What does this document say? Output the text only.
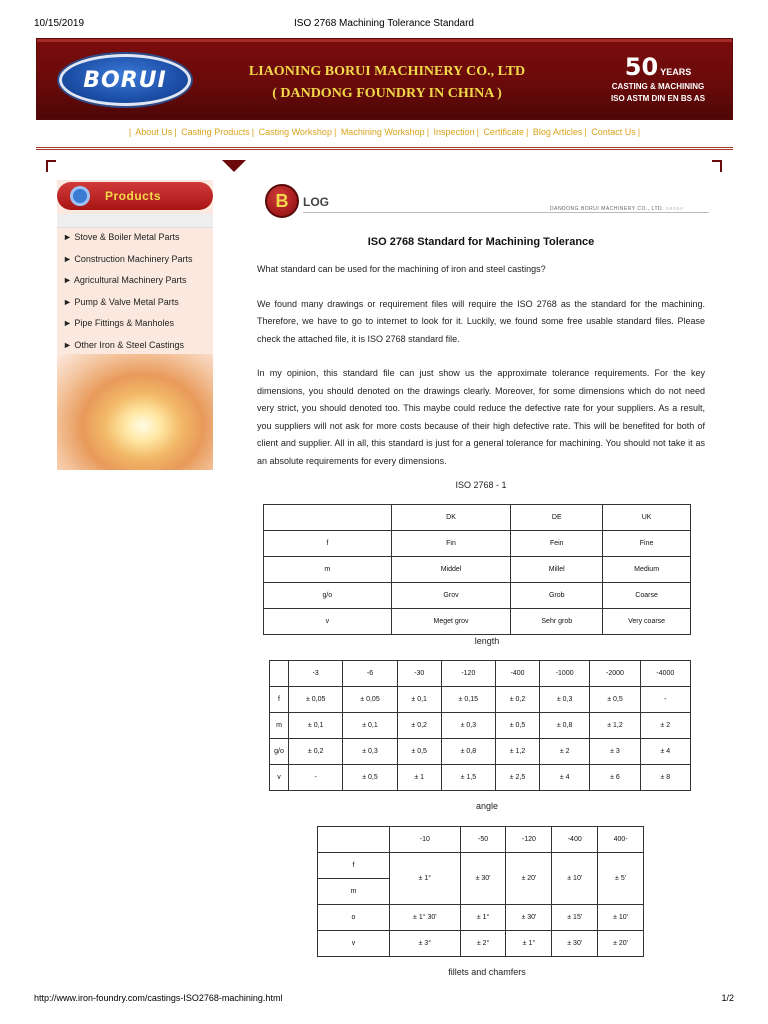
10/15/2019	ISO 2768 Machining Tolerance Standard
BORUI	LIAONING BORUI MACHINERY CO., LTD
( DANDONG FOUNDRY IN CHINA )
50 YEARS
CASTING & MACHINING
ISO ASTM DIN EN BS AS
| About Us | Casting Products | Casting Workshop | Machining Workshop | Inspection | Certificate | Blog Articles | Contact Us |
Products
► Stove & Boiler Metal Parts
► Construction Machinery Parts
► Agricultural Machinery Parts
► Pump & Valve Metal Parts
► Pipe Fittings & Manholes
► Other Iron & Steel Castings
B	LOG	DANDONG BORUI MACHINERY CO., LTD. ○○○○○
ISO 2768 Standard for Machining Tolerance

What standard can be used for the machining of iron and steel castings?

We found many drawings or requirement files will require the ISO 2768 as the standard for the machining. Therefore, we have to go to internet to look for it. Luckily, we found some free usable standard files. Please check the attached file, it is ISO 2768 standard file.

In my opinion, this standard file can just show us the approximate tolerance requirements. For the key dimensions, you should denoted on the drawings clearly. Moreover, for some dimensions which do not need very strict, you should denoted too. This maybe could reduce the defective rate for your suppliers. As a result, you suppliers will not ask for more costs because of their high defective rate. This will be benefited for both of client and supplier. All in all, this standard is just for a general tolerance for machining. You should not take it as an absolute requirements for every dimensions.

ISO 2768 - 1
	DK	DE	UK
f	Fin	Fein	Fine
m	Middel	Millel	Medium
g/o	Grov	Grob	Coarse
v	Meget grov	Sehr grob	Very coarse
length
	-3	-6	-30	-120	-400	-1000	-2000	-4000
f	± 0,05	± 0,05	± 0,1	± 0,15	± 0,2	± 0,3	± 0,5	-
m	± 0,1	± 0,1	± 0,2	± 0,3	± 0,5	± 0,8	± 1,2	± 2
g/o	± 0,2	± 0,3	± 0,5	± 0,8	± 1,2	± 2	± 3	± 4
v	-	± 0,5	± 1	± 1,5	± 2,5	± 4	± 6	± 8
angle
	-10	-50	-120	-400	400-
f	± 1°	± 30'	± 20'	± 10'	± 5'
m					
o	± 1° 30'	± 1°	± 30'	± 15'	± 10'
v	± 3°	± 2°	± 1°	± 30'	± 20'
fillets and chamfers
http://www.iron-foundry.com/castings-ISO2768-machining.html	1/2
